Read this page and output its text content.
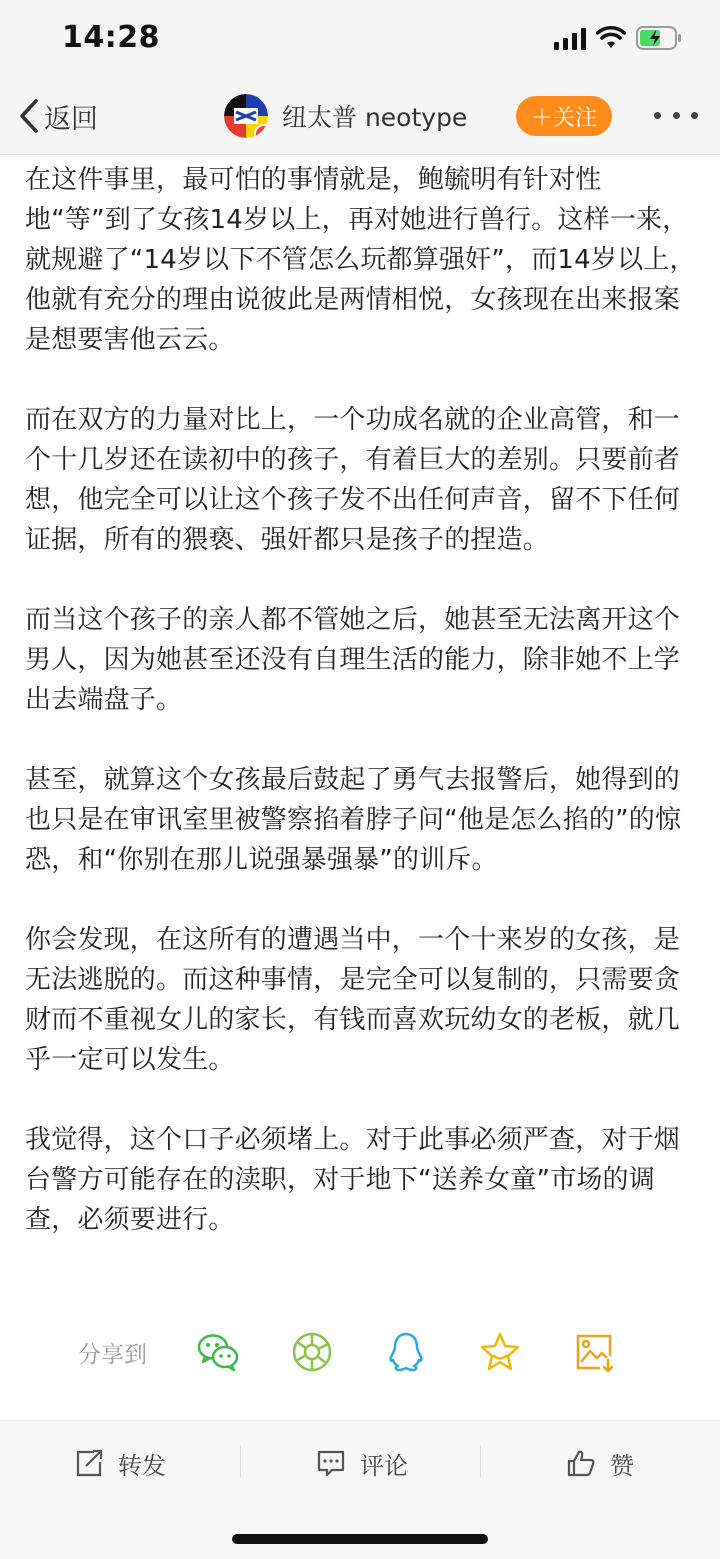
14:28
返回	纽太普 neotype	＋关注

在这件事里，最可怕的事情就是，鲍毓明有针对性地“等”到了女孩14岁以上，再对她进行兽行。这样一来，就规避了“14岁以下不管怎么玩都算强奸”，而14岁以上，他就有充分的理由说彼此是两情相悦，女孩现在出来报案是想要害他云云。

而在双方的力量对比上，一个功成名就的企业高管，和一个十几岁还在读初中的孩子，有着巨大的差别。只要前者想，他完全可以让这个孩子发不出任何声音，留不下任何证据，所有的猥亵、强奸都只是孩子的捏造。

而当这个孩子的亲人都不管她之后，她甚至无法离开这个男人，因为她甚至还没有自理生活的能力，除非她不上学出去端盘子。

甚至，就算这个女孩最后鼓起了勇气去报警后，她得到的也只是在审讯室里被警察掐着脖子问“他是怎么掐的”的惊恐，和“你别在那儿说强暴强暴”的训斥。

你会发现，在这所有的遭遇当中，一个十来岁的女孩，是无法逃脱的。而这种事情，是完全可以复制的，只需要贪财而不重视女儿的家长，有钱而喜欢玩幼女的老板，就几乎一定可以发生。

我觉得，这个口子必须堵上。对于此事必须严查，对于烟台警方可能存在的渎职，对于地下“送养女童”市场的调查，必须要进行。

分享到
转发	评论	赞
